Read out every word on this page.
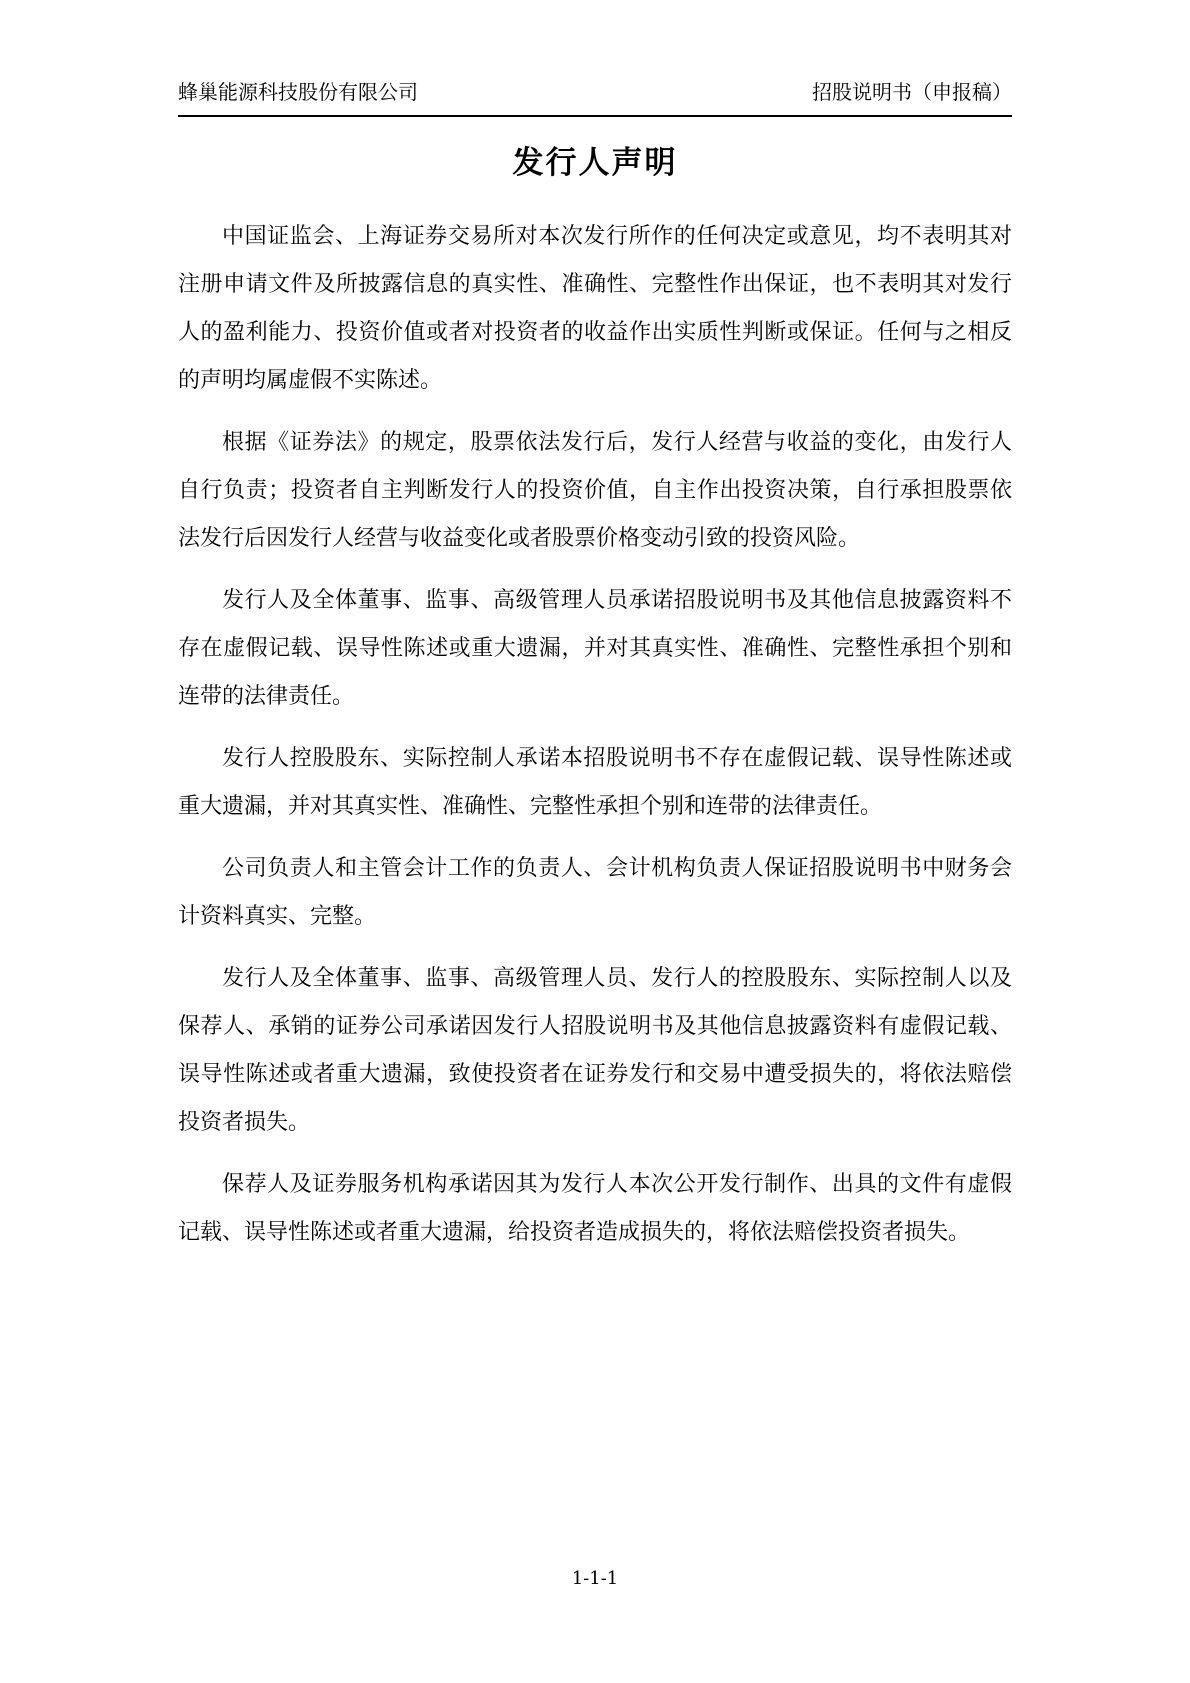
蜂巢能源科技股份有限公司	招股说明书（申报稿）
发行人声明

中国证监会、上海证券交易所对本次发行所作的任何决定或意见，均不表明其对注册申请文件及所披露信息的真实性、准确性、完整性作出保证，也不表明其对发行人的盈利能力、投资价值或者对投资者的收益作出实质性判断或保证。任何与之相反的声明均属虚假不实陈述。

根据《证券法》的规定，股票依法发行后，发行人经营与收益的变化，由发行人自行负责；投资者自主判断发行人的投资价值，自主作出投资决策，自行承担股票依法发行后因发行人经营与收益变化或者股票价格变动引致的投资风险。

发行人及全体董事、监事、高级管理人员承诺招股说明书及其他信息披露资料不存在虚假记载、误导性陈述或重大遗漏，并对其真实性、准确性、完整性承担个别和连带的法律责任。

发行人控股股东、实际控制人承诺本招股说明书不存在虚假记载、误导性陈述或重大遗漏，并对其真实性、准确性、完整性承担个别和连带的法律责任。

公司负责人和主管会计工作的负责人、会计机构负责人保证招股说明书中财务会计资料真实、完整。

发行人及全体董事、监事、高级管理人员、发行人的控股股东、实际控制人以及保荐人、承销的证券公司承诺因发行人招股说明书及其他信息披露资料有虚假记载、误导性陈述或者重大遗漏，致使投资者在证券发行和交易中遭受损失的，将依法赔偿投资者损失。

保荐人及证券服务机构承诺因其为发行人本次公开发行制作、出具的文件有虚假记载、误导性陈述或者重大遗漏，给投资者造成损失的，将依法赔偿投资者损失。

1-1-1
